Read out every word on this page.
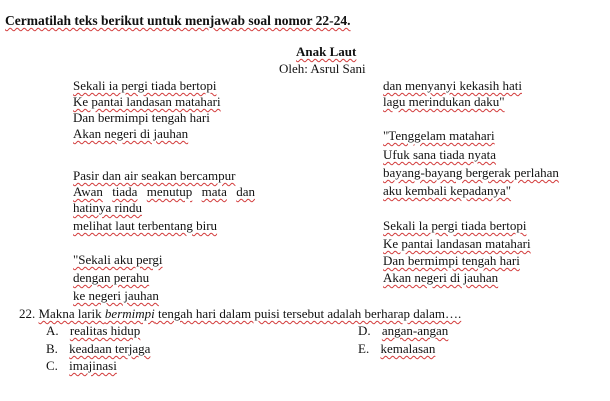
Cermatilah teks berikut untuk menjawab soal nomor 22-24.
Anak Laut
Oleh: Asrul Sani
Sekali ia pergi tiada bertopi
Ke pantai landasan matahari
Dan bermimpi tengah hari
Akan negeri di jauhan
Pasir dan air seakan bercampur
Awan tiada menutup mata dan
hatinya rindu
melihat laut terbentang biru
"Sekali aku pergi
dengan perahu
ke negeri jauhan
dan menyanyi kekasih hati
lagu merindukan daku"
"Tenggelam matahari
Ufuk sana tiada nyata
bayang-bayang bergerak perlahan
aku kembali kepadanya"
Sekali la pergi tiada bertopi
Ke pantai landasan matahari
Dan bermimpi tengah hari
Akan negeri di jauhan
22. Makna larik bermimpi tengah hari dalam puisi tersebut adalah berharap dalam….
A. realitas hidup
B. keadaan terjaga
C. imajinasi
D. angan-angan
E. kemalasan
